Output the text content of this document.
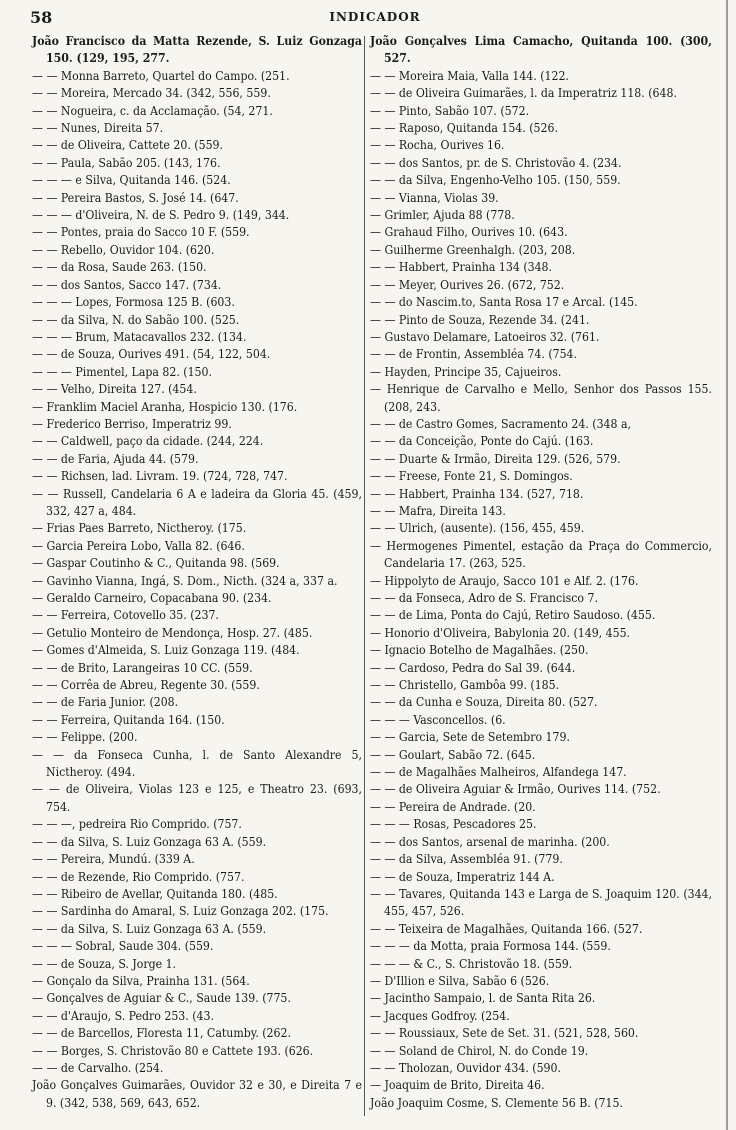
58	INDICADOR

João Francisco da Matta Rezende, S. Luiz Gonzaga 150. (129, 195, 277.

— — Monna Barreto, Quartel do Campo. (251.

— — Moreira, Mercado 34. (342, 556, 559.

— — Nogueira, c. da Acclamação. (54, 271.

— — Nunes, Direita 57.

— — de Oliveira, Cattete 20. (559.

— — Paula, Sabão 205. (143, 176.

— — — e Silva, Quitanda 146. (524.

— — Pereira Bastos, S. José 14. (647.

— — — d'Oliveira, N. de S. Pedro 9. (149, 344.

— — Pontes, praia do Sacco 10 F. (559.

— — Rebello, Ouvidor 104. (620.

— — da Rosa, Saude 263. (150.

— — dos Santos, Sacco 147. (734.

— — — Lopes, Formosa 125 B. (603.

— — da Silva, N. do Sabão 100. (525.

— — — Brum, Matacavallos 232. (134.

— — de Souza, Ourives 491. (54, 122, 504.

— — — Pimentel, Lapa 82. (150.

— — Velho, Direita 127. (454.

— Franklim Maciel Aranha, Hospicio 130. (176.

— Frederico Berriso, Imperatriz 99.

— — Caldwell, paço da cidade. (244, 224.

— — de Faria, Ajuda 44. (579.

— — Richsen, lad. Livram. 19. (724, 728, 747.

— — Russell, Candelaria 6 A e ladeira da Gloria 45. (459, 332, 427 a, 484.

— Frias Paes Barreto, Nictheroy. (175.

— Garcia Pereira Lobo, Valla 82. (646.

— Gaspar Coutinho & C., Quitanda 98. (569.

— Gavinho Vianna, Ingá, S. Dom., Nicth. (324 a, 337 a.

— Geraldo Carneiro, Copacabana 90. (234.

— — Ferreira, Cotovello 35. (237.

— Getulio Monteiro de Mendonça, Hosp. 27. (485.

— Gomes d'Almeida, S. Luiz Gonzaga 119. (484.

— — de Brito, Larangeiras 10 CC. (559.

— — Corrêa de Abreu, Regente 30. (559.

— — de Faria Junior. (208.

— — Ferreira, Quitanda 164. (150.

— — Felippe. (200.

— — da Fonseca Cunha, l. de Santo Alexandre 5, Nictheroy. (494.

— — de Oliveira, Violas 123 e 125, e Theatro 23. (693, 754.

— — —, pedreira Rio Comprido. (757.

— — da Silva, S. Luiz Gonzaga 63 A. (559.

— — Pereira, Mundú. (339 A.

— — de Rezende, Rio Comprido. (757.

— — Ribeiro de Avellar, Quitanda 180. (485.

— — Sardinha do Amaral, S. Luiz Gonzaga 202. (175.

— — da Silva, S. Luiz Gonzaga 63 A. (559.

— — — Sobral, Saude 304. (559.

— — de Souza, S. Jorge 1.

— Gonçalo da Silva, Prainha 131. (564.

— Gonçalves de Aguiar & C., Saude 139. (775.

— — d'Araujo, S. Pedro 253. (43.

— — de Barcellos, Floresta 11, Catumby. (262.

— — Borges, S. Christovão 80 e Cattete 193. (626.

— — de Carvalho. (254.

João Gonçalves Guimarães, Ouvidor 32 e 30, e Direita 7 e 9. (342, 538, 569, 643, 652.

João Gonçalves Lima Camacho, Quitanda 100. (300, 527.

— — Moreira Maia, Valla 144. (122.

— — de Oliveira Guimarães, l. da Imperatriz 118. (648.

— — Pinto, Sabão 107. (572.

— — Raposo, Quitanda 154. (526.

— — Rocha, Ourives 16.

— — dos Santos, pr. de S. Christovão 4. (234.

— — da Silva, Engenho-Velho 105. (150, 559.

— — Vianna, Violas 39.

— Grimler, Ajuda 88 (778.

— Grahaud Filho, Ourives 10. (643.

— Guilherme Greenhalgh. (203, 208.

— — Habbert, Prainha 134 (348.

— — Meyer, Ourives 26. (672, 752.

— — do Nascim.to, Santa Rosa 17 e Arcal. (145.

— — Pinto de Souza, Rezende 34. (241.

— Gustavo Delamare, Latoeiros 32. (761.

— — de Frontin, Assembléa 74. (754.

— Hayden, Principe 35, Cajueiros.

— Henrique de Carvalho e Mello, Senhor dos Passos 155. (208, 243.

— — de Castro Gomes, Sacramento 24. (348 a,

— — da Conceição, Ponte do Cajú. (163.

— — Duarte & Irmão, Direita 129. (526, 579.

— — Freese, Fonte 21, S. Domingos.

— — Habbert, Prainha 134. (527, 718.

— — Mafra, Direita 143.

— — Ulrich, (ausente). (156, 455, 459.

— Hermogenes Pimentel, estação da Praça do Commercio, Candelaria 17. (263, 525.

— Hippolyto de Araujo, Sacco 101 e Alf. 2. (176.

— — da Fonseca, Adro de S. Francisco 7.

— — de Lima, Ponta do Cajú, Retiro Saudoso. (455.

— Honorio d'Oliveira, Babylonia 20. (149, 455.

— Ignacio Botelho de Magalhães. (250.

— — Cardoso, Pedra do Sal 39. (644.

— — Christello, Gambôa 99. (185.

— — da Cunha e Souza, Direita 80. (527.

— — — Vasconcellos. (6.

— — Garcia, Sete de Setembro 179.

— — Goulart, Sabão 72. (645.

— — de Magalhães Malheiros, Alfandega 147.

— — de Oliveira Aguiar & Irmão, Ourives 114. (752.

— — Pereira de Andrade. (20.

— — — Rosas, Pescadores 25.

— — dos Santos, arsenal de marinha. (200.

— — da Silva, Assembléa 91. (779.

— — de Souza, Imperatriz 144 A.

— — Tavares, Quitanda 143 e Larga de S. Joaquim 120. (344, 455, 457, 526.

— — Teixeira de Magalhães, Quitanda 166. (527.

— — — da Motta, praia Formosa 144. (559.

— — — & C., S. Christovão 18. (559.

— D'Illion e Silva, Sabão 6 (526.

— Jacintho Sampaio, l. de Santa Rita 26.

— Jacques Godfroy. (254.

— — Roussiaux, Sete de Set. 31. (521, 528, 560.

— — Soland de Chirol, N. do Conde 19.

— — Tholozan, Ouvidor 434. (590.

— Joaquim de Brito, Direita 46.

João Joaquim Cosme, S. Clemente 56 B. (715.
